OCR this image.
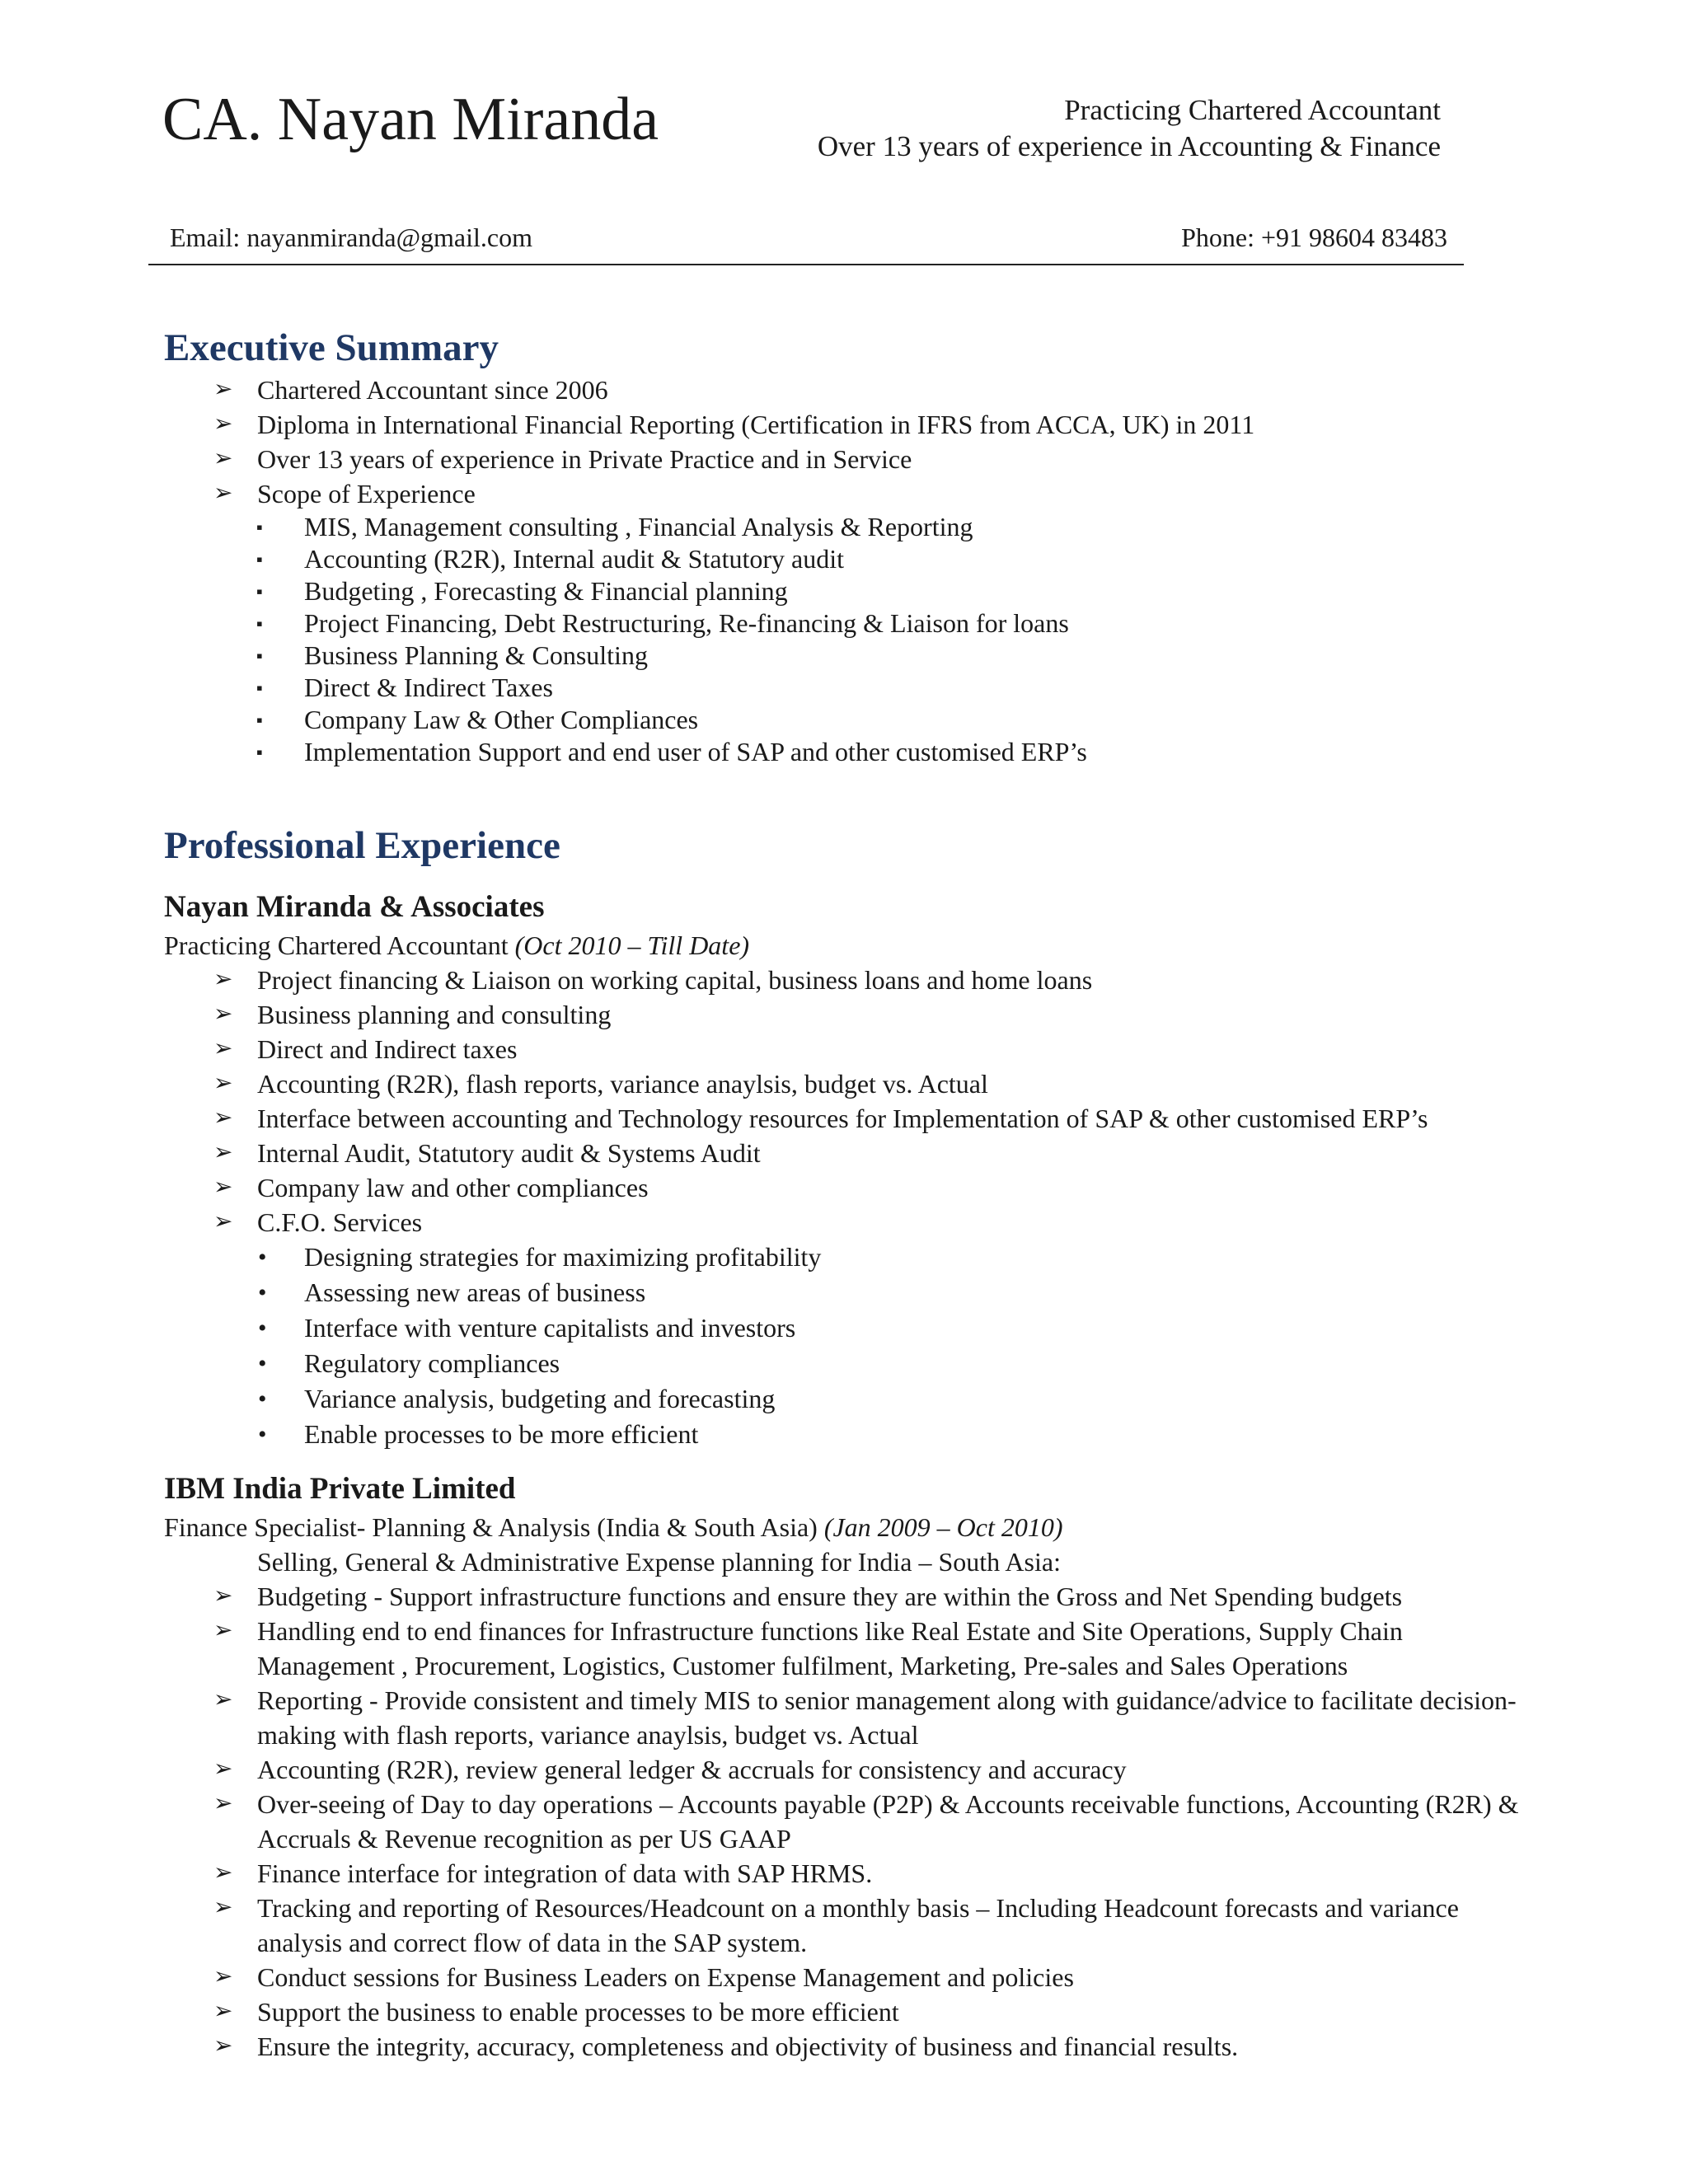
CA. Nayan Miranda	Practicing Chartered Accountant
Over 13 years of experience in Accounting & Finance
Email: nayanmiranda@gmail.com	Phone: +91 98604 83483
Executive Summary
➢ Chartered Accountant since 2006
➢ Diploma in International Financial Reporting (Certification in IFRS from ACCA, UK) in 2011
➢ Over 13 years of experience in Private Practice and in Service
➢ Scope of Experience
▪ MIS, Management consulting , Financial Analysis & Reporting
▪ Accounting (R2R), Internal audit & Statutory audit
▪ Budgeting , Forecasting & Financial planning
▪ Project Financing, Debt Restructuring, Re-financing & Liaison for loans
▪ Business Planning & Consulting
▪ Direct & Indirect Taxes
▪ Company Law & Other Compliances
▪ Implementation Support and end user of SAP and other customised ERP’s
Professional Experience
Nayan Miranda & Associates
Practicing Chartered Accountant (Oct 2010 – Till Date)
➢ Project financing & Liaison on working capital, business loans and home loans
➢ Business planning and consulting
➢ Direct and Indirect taxes
➢ Accounting (R2R), flash reports, variance anaylsis, budget vs. Actual
➢ Interface between accounting and Technology resources for Implementation of SAP & other customised ERP’s
➢ Internal Audit, Statutory audit & Systems Audit
➢ Company law and other compliances
➢ C.F.O. Services
• Designing strategies for maximizing profitability
• Assessing new areas of business
• Interface with venture capitalists and investors
• Regulatory compliances
• Variance analysis, budgeting and forecasting
• Enable processes to be more efficient
IBM India Private Limited
Finance Specialist- Planning & Analysis (India & South Asia) (Jan 2009 – Oct 2010)
Selling, General & Administrative Expense planning for India – South Asia:
➢ Budgeting - Support infrastructure functions and ensure they are within the Gross and Net Spending budgets
➢ Handling end to end finances for Infrastructure functions like Real Estate and Site Operations, Supply Chain Management , Procurement, Logistics, Customer fulfilment, Marketing, Pre-sales and Sales Operations
➢ Reporting - Provide consistent and timely MIS to senior management along with guidance/advice to facilitate decision-making with flash reports, variance anaylsis, budget vs. Actual
➢ Accounting (R2R), review general ledger & accruals for consistency and accuracy
➢ Over-seeing of Day to day operations – Accounts payable (P2P) & Accounts receivable functions, Accounting (R2R) & Accruals & Revenue recognition as per US GAAP
➢ Finance interface for integration of data with SAP HRMS.
➢ Tracking and reporting of Resources/Headcount on a monthly basis – Including Headcount forecasts and variance analysis and correct flow of data in the SAP system.
➢ Conduct sessions for Business Leaders on Expense Management and policies
➢ Support the business to enable processes to be more efficient
➢ Ensure the integrity, accuracy, completeness and objectivity of business and financial results.
